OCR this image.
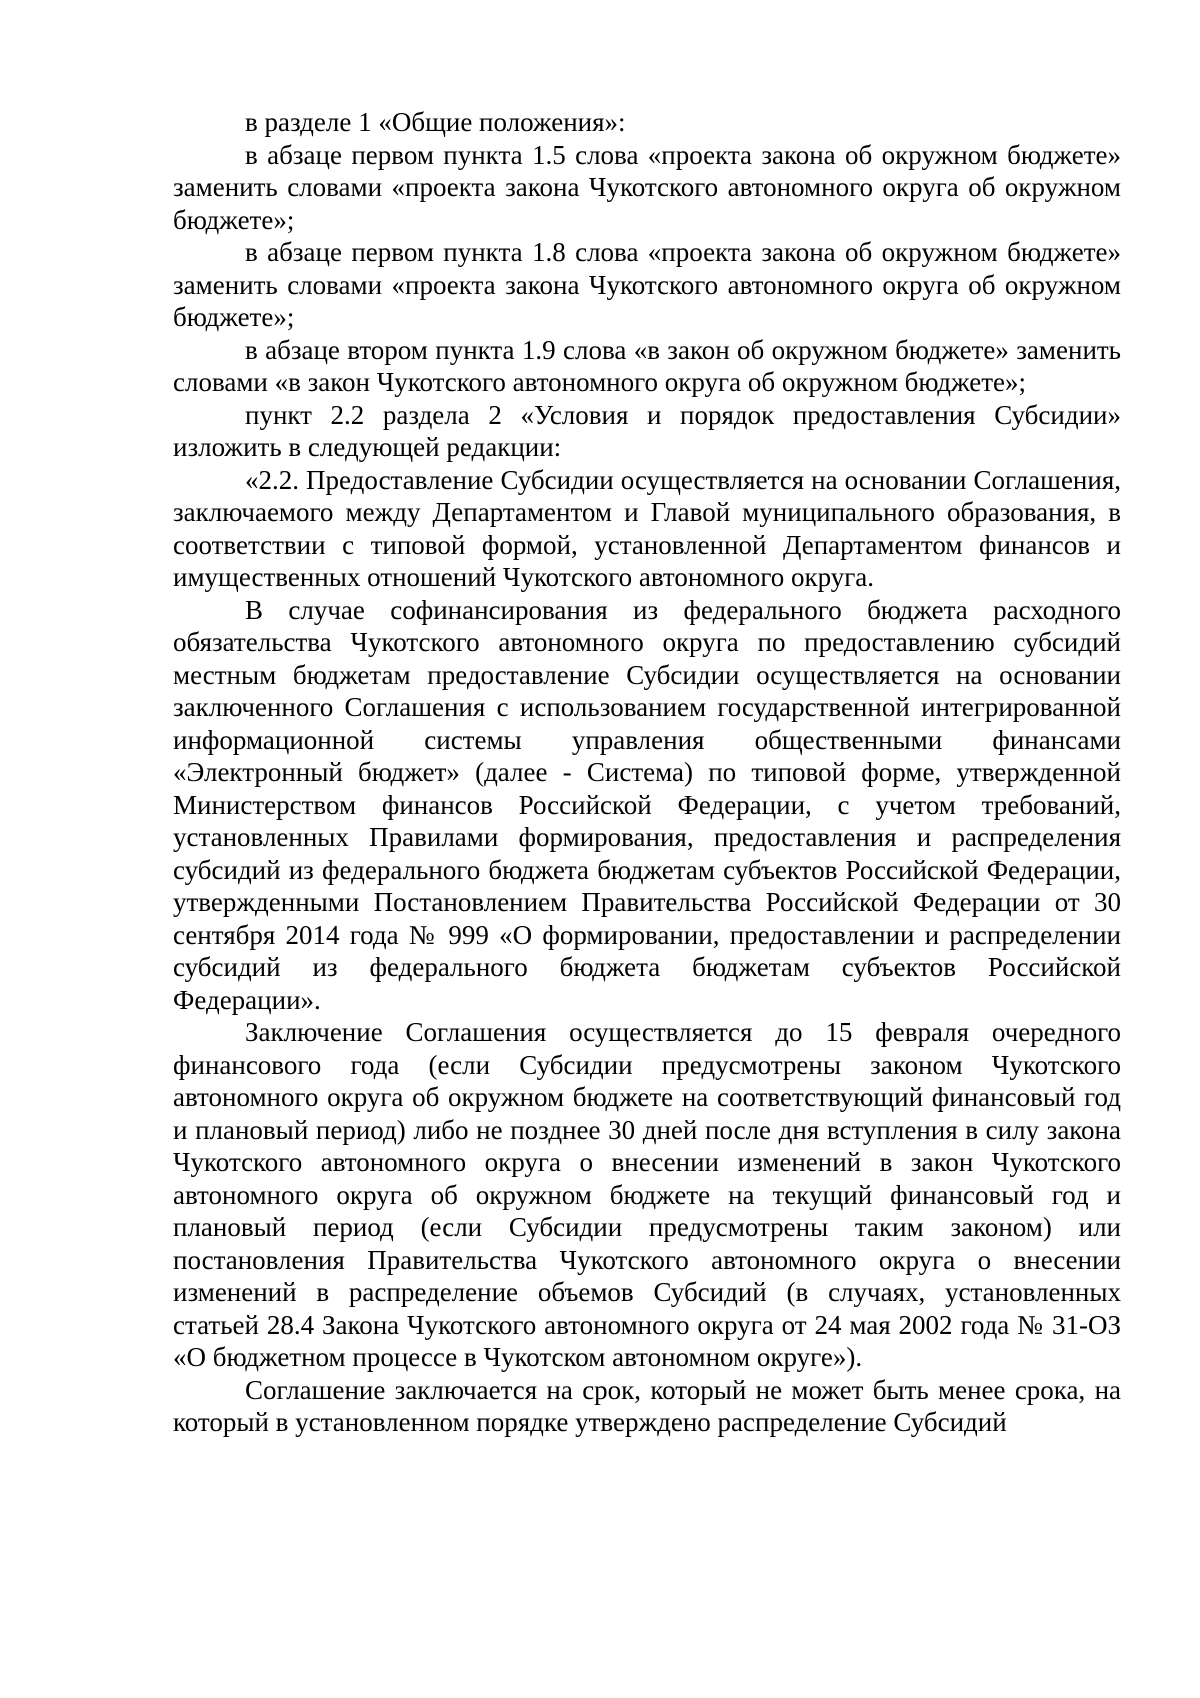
в разделе 1 «Общие положения»:

в абзаце первом пункта 1.5 слова «проекта закона об окружном бюджете» заменить словами «проекта закона Чукотского автономного округа об окружном бюджете»;

в абзаце первом пункта 1.8 слова «проекта закона об окружном бюджете» заменить словами «проекта закона Чукотского автономного округа об окружном бюджете»;

в абзаце втором пункта 1.9 слова «в закон об окружном бюджете» заменить словами «в закон Чукотского автономного округа об окружном бюджете»;

пункт 2.2 раздела 2 «Условия и порядок предоставления Субсидии» изложить в следующей редакции:

«2.2. Предоставление Субсидии осуществляется на основании Соглашения, заключаемого между Департаментом и Главой муниципального образования, в соответствии с типовой формой, установленной Департаментом финансов и имущественных отношений Чукотского автономного округа.

В случае софинансирования из федерального бюджета расходного обязательства Чукотского автономного округа по предоставлению субсидий местным бюджетам предоставление Субсидии осуществляется на основании заключенного Соглашения с использованием государственной интегрированной информационной системы управления общественными финансами «Электронный бюджет» (далее - Система) по типовой форме, утвержденной Министерством финансов Российской Федерации, с учетом требований, установленных Правилами формирования, предоставления и распределения субсидий из федерального бюджета бюджетам субъектов Российской Федерации, утвержденными Постановлением Правительства Российской Федерации от 30 сентября 2014 года № 999 «О формировании, предоставлении и распределении субсидий из федерального бюджета бюджетам субъектов Российской Федерации».

Заключение Соглашения осуществляется до 15 февраля очередного финансового года (если Субсидии предусмотрены законом Чукотского автономного округа об окружном бюджете на соответствующий финансовый год и плановый период) либо не позднее 30 дней после дня вступления в силу закона Чукотского автономного округа о внесении изменений в закон Чукотского автономного округа об окружном бюджете на текущий финансовый год и плановый период (если Субсидии предусмотрены таким законом) или постановления Правительства Чукотского автономного округа о внесении изменений в распределение объемов Субсидий (в случаях, установленных статьей 28.4 Закона Чукотского автономного округа от 24 мая 2002 года № 31-ОЗ «О бюджетном процессе в Чукотском автономном округе»).

Соглашение заключается на срок, который не может быть менее срока, на который в установленном порядке утверждено распределение Субсидий
